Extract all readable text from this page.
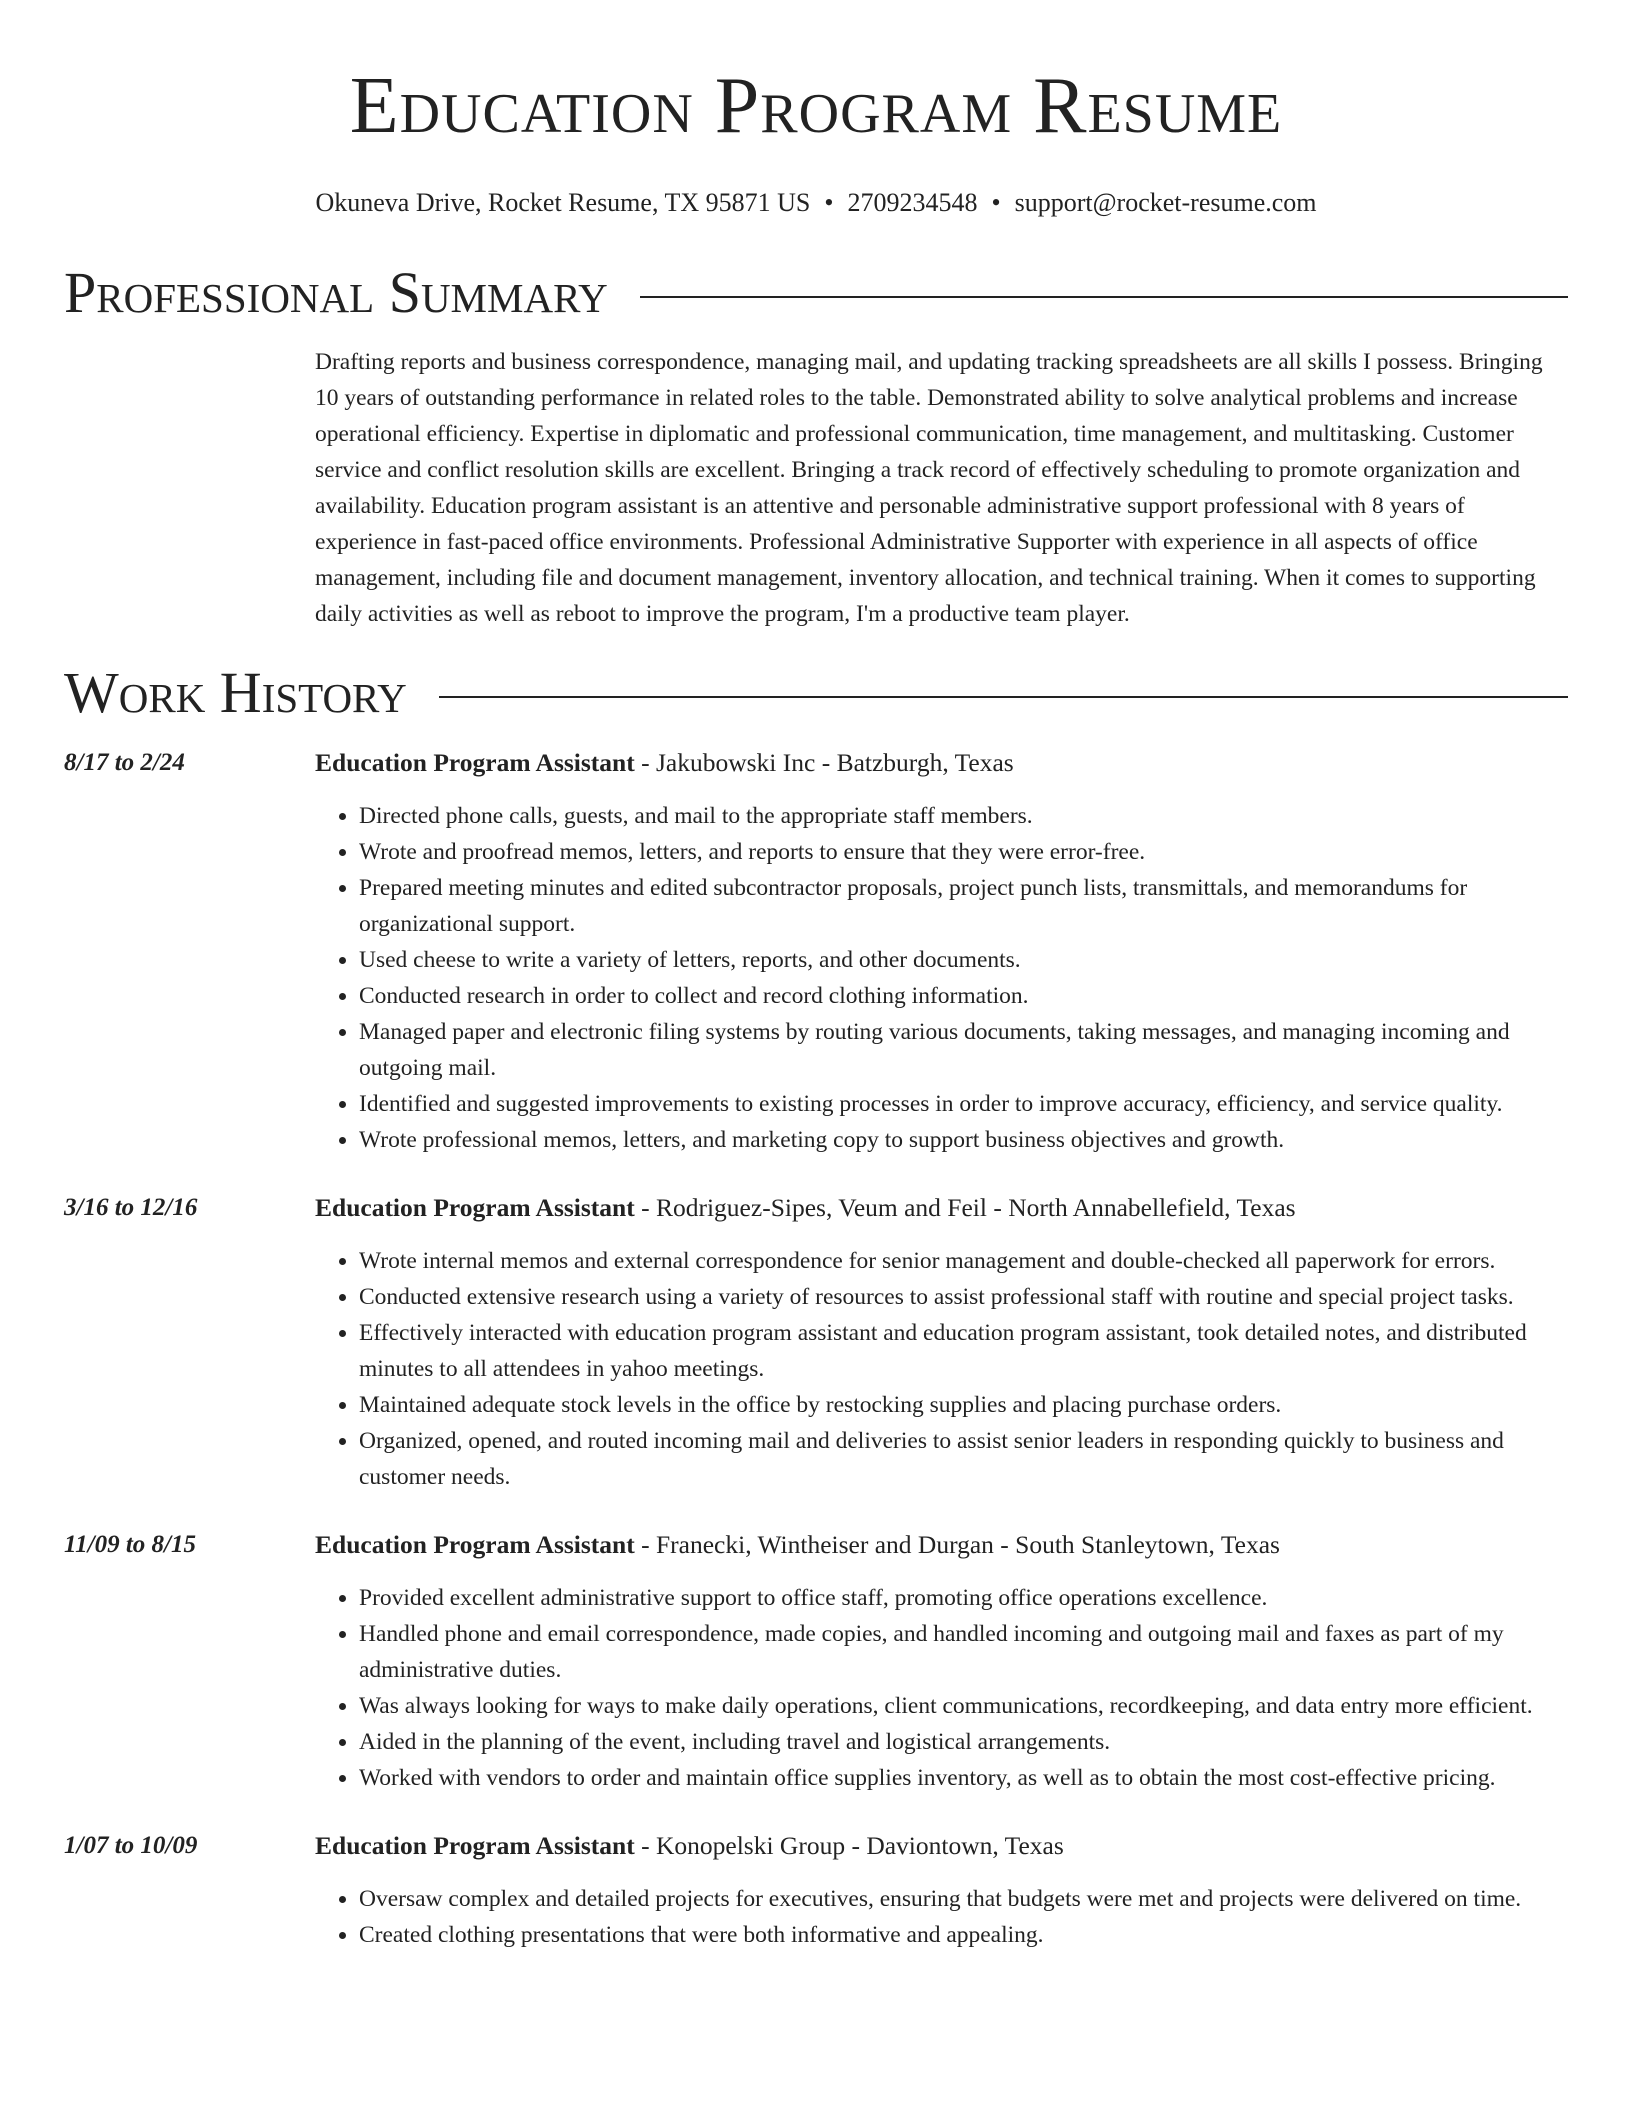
Education Program Resume
Okuneva Drive, Rocket Resume, TX 95871 US • 2709234548 • support@rocket-resume.com
Professional Summary
Drafting reports and business correspondence, managing mail, and updating tracking spreadsheets are all skills I possess. Bringing 10 years of outstanding performance in related roles to the table. Demonstrated ability to solve analytical problems and increase operational efficiency. Expertise in diplomatic and professional communication, time management, and multitasking. Customer service and conflict resolution skills are excellent. Bringing a track record of effectively scheduling to promote organization and availability. Education program assistant is an attentive and personable administrative support professional with 8 years of experience in fast-paced office environments. Professional Administrative Supporter with experience in all aspects of office management, including file and document management, inventory allocation, and technical training. When it comes to supporting daily activities as well as reboot to improve the program, I'm a productive team player.
Work History
8/17 to 2/24	Education Program Assistant - Jakubowski Inc - Batzburgh, Texas
• Directed phone calls, guests, and mail to the appropriate staff members.
• Wrote and proofread memos, letters, and reports to ensure that they were error-free.
• Prepared meeting minutes and edited subcontractor proposals, project punch lists, transmittals, and memorandums for organizational support.
• Used cheese to write a variety of letters, reports, and other documents.
• Conducted research in order to collect and record clothing information.
• Managed paper and electronic filing systems by routing various documents, taking messages, and managing incoming and outgoing mail.
• Identified and suggested improvements to existing processes in order to improve accuracy, efficiency, and service quality.
• Wrote professional memos, letters, and marketing copy to support business objectives and growth.
3/16 to 12/16	Education Program Assistant - Rodriguez-Sipes, Veum and Feil - North Annabellefield, Texas
• Wrote internal memos and external correspondence for senior management and double-checked all paperwork for errors.
• Conducted extensive research using a variety of resources to assist professional staff with routine and special project tasks.
• Effectively interacted with education program assistant and education program assistant, took detailed notes, and distributed minutes to all attendees in yahoo meetings.
• Maintained adequate stock levels in the office by restocking supplies and placing purchase orders.
• Organized, opened, and routed incoming mail and deliveries to assist senior leaders in responding quickly to business and customer needs.
11/09 to 8/15	Education Program Assistant - Franecki, Wintheiser and Durgan - South Stanleytown, Texas
• Provided excellent administrative support to office staff, promoting office operations excellence.
• Handled phone and email correspondence, made copies, and handled incoming and outgoing mail and faxes as part of my administrative duties.
• Was always looking for ways to make daily operations, client communications, recordkeeping, and data entry more efficient.
• Aided in the planning of the event, including travel and logistical arrangements.
• Worked with vendors to order and maintain office supplies inventory, as well as to obtain the most cost-effective pricing.
1/07 to 10/09	Education Program Assistant - Konopelski Group - Daviontown, Texas
• Oversaw complex and detailed projects for executives, ensuring that budgets were met and projects were delivered on time.
• Created clothing presentations that were both informative and appealing.
